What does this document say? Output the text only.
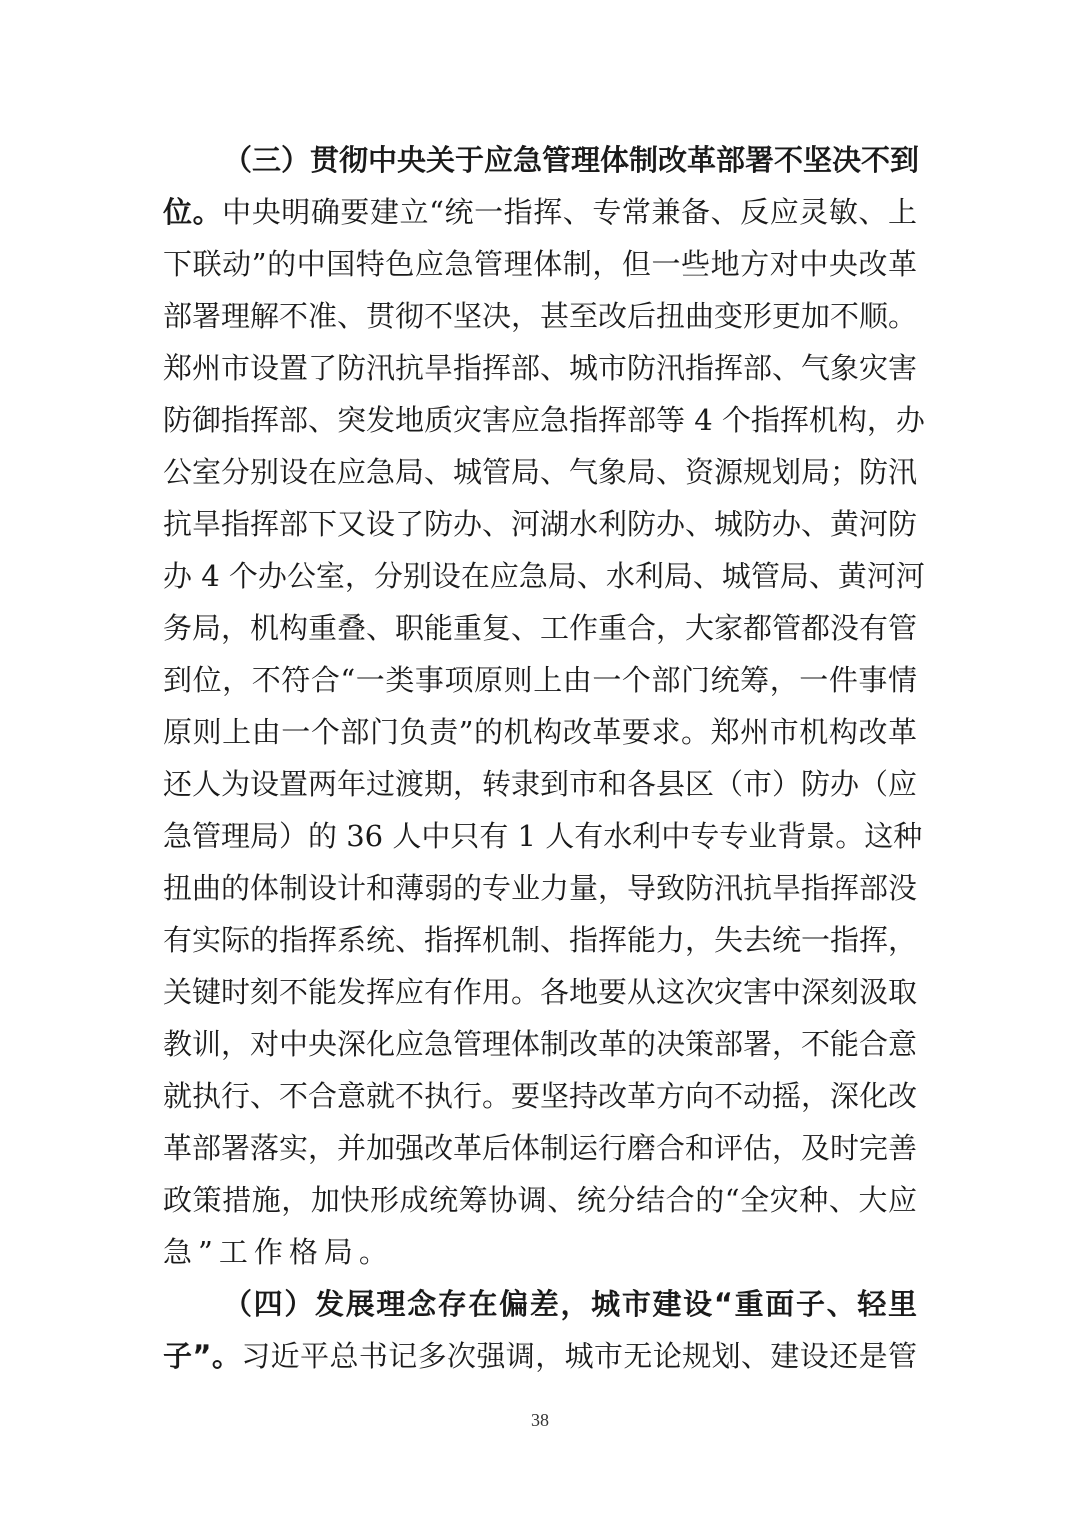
（三）贯彻中央关于应急管理体制改革部署不坚决不到
位。中央明确要建立“统一指挥、专常兼备、反应灵敏、上
下联动”的中国特色应急管理体制，但一些地方对中央改革
部署理解不准、贯彻不坚决，甚至改后扭曲变形更加不顺。
郑州市设置了防汛抗旱指挥部、城市防汛指挥部、气象灾害
防御指挥部、突发地质灾害应急指挥部等 4 个指挥机构，办
公室分别设在应急局、城管局、气象局、资源规划局；防汛
抗旱指挥部下又设了防办、河湖水利防办、城防办、黄河防
办 4 个办公室，分别设在应急局、水利局、城管局、黄河河
务局，机构重叠、职能重复、工作重合，大家都管都没有管
到位，不符合“一类事项原则上由一个部门统筹，一件事情
原则上由一个部门负责”的机构改革要求。郑州市机构改革
还人为设置两年过渡期，转隶到市和各县区（市）防办（应
急管理局）的 36 人中只有 1 人有水利中专专业背景。这种
扭曲的体制设计和薄弱的专业力量，导致防汛抗旱指挥部没
有实际的指挥系统、指挥机制、指挥能力，失去统一指挥，
关键时刻不能发挥应有作用。各地要从这次灾害中深刻汲取
教训，对中央深化应急管理体制改革的决策部署，不能合意
就执行、不合意就不执行。要坚持改革方向不动摇，深化改
革部署落实，并加强改革后体制运行磨合和评估，及时完善
政策措施，加快形成统筹协调、统分结合的“全灾种、大应
急”工作格局。
（四）发展理念存在偏差，城市建设“重面子、轻里
子”。习近平总书记多次强调，城市无论规划、建设还是管
38
